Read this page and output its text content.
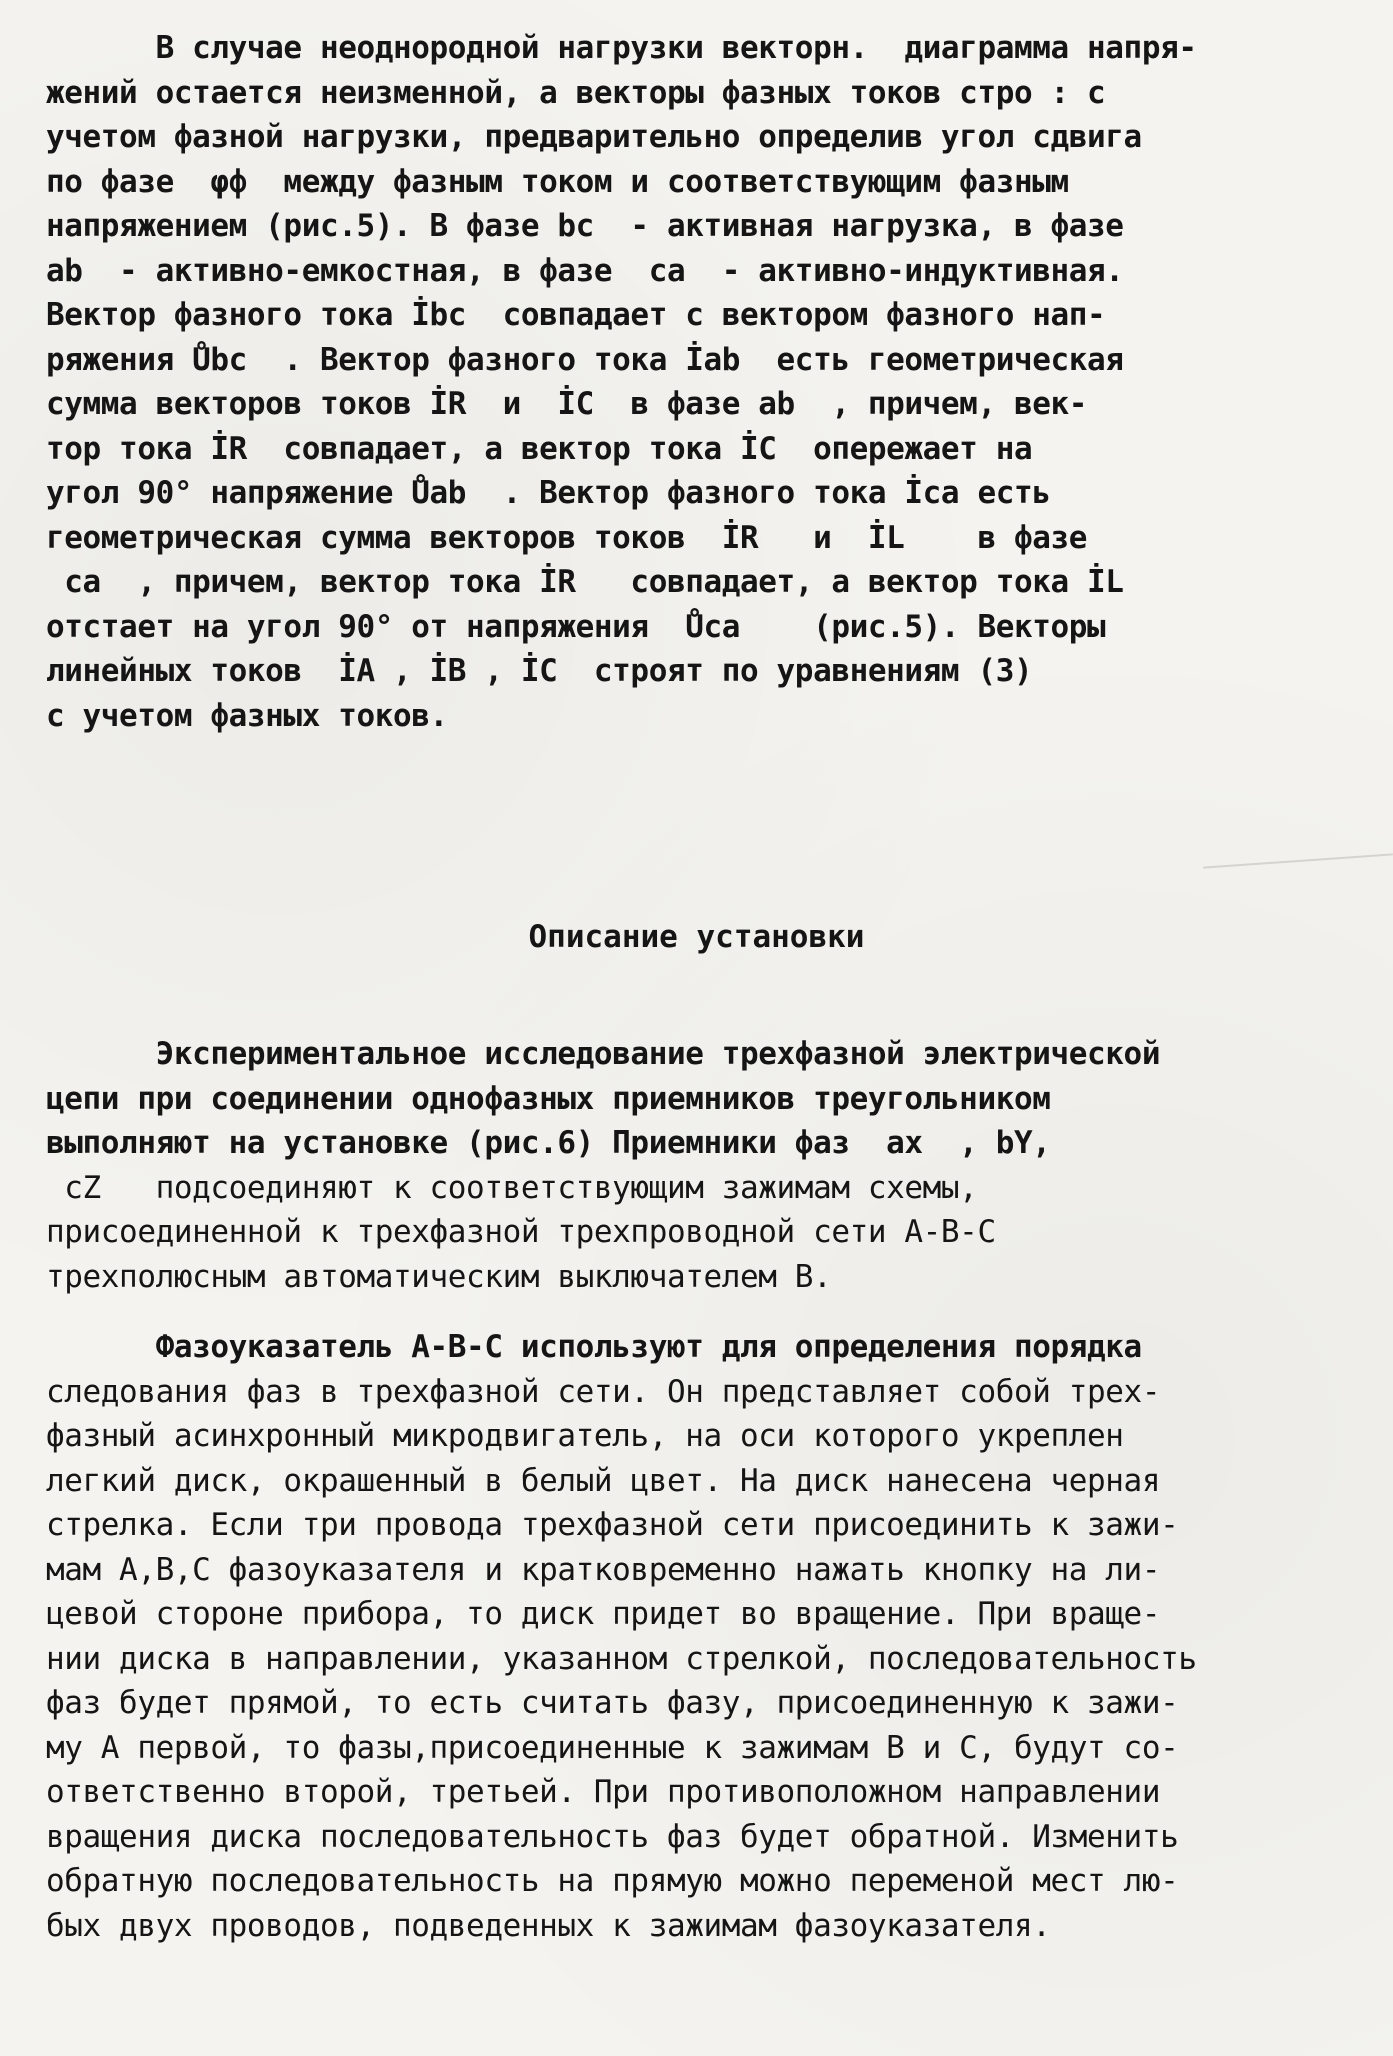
В случае неоднородной нагрузки векторн.  диаграмма напря-
жений остается неизменной, а векторы фазных токов стро : с
учетом фазной нагрузки, предварительно определив угол сдвига
по фазе  φф  между фазным током и соответствующим фазным
напряжением (рис.5). В фазе bc  - активная нагрузка, в фазе
ab  - активно-емкостная, в фазе  ca  - активно-индуктивная.
Вектор фазного тока İbc  совпадает с вектором фазного нап-
ряжения Ůbc  . Вектор фазного тока İab  есть геометрическая
сумма векторов токов İR  и  İC  в фазе ab  , причем, век-
тор тока İR  совпадает, а вектор тока İC  опережает на
угол 90° напряжение Ůab  . Вектор фазного тока İca есть
геометрическая сумма векторов токов  İR   и  İL    в фазе
ca  , причем, вектор тока İR   совпадает, а вектор тока İL
отстает на угол 90° от напряжения  Ůca    (рис.5). Векторы
линейных токов  İA , İB , İC  строят по уравнениям (3)
с учетом фазных токов.
Описание установки
Экспериментальное исследование трехфазной электрической
цепи при соединении однофазных приемников треугольником
выполняют на установке (рис.6) Приемники фаз  ax  , bY,
cZ   подсоединяют к соответствующим зажимам схемы,
присоединенной к трехфазной трехпроводной сети A-B-C
трехполюсным автоматическим выключателем B.
Фазоуказатель А-В-С используют для определения порядка
следования фаз в трехфазной сети. Он представляет собой трех-
фазный асинхронный микродвигатель, на оси которого укреплен
легкий диск, окрашенный в белый цвет. На диск нанесена черная
стрелка. Если три провода трехфазной сети присоединить к зажи-
мам А,В,С фазоуказателя и кратковременно нажать кнопку на ли-
цевой стороне прибора, то диск придет во вращение. При враще-
нии диска в направлении, указанном стрелкой, последовательность
фаз будет прямой, то есть считать фазу, присоединенную к зажи-
му А первой, то фазы,присоединенные к зажимам В и С, будут со-
ответственно второй, третьей. При противоположном направлении
вращения диска последовательность фаз будет обратной. Изменить
обратную последовательность на прямую можно переменой мест лю-
бых двух проводов, подведенных к зажимам фазоуказателя.
